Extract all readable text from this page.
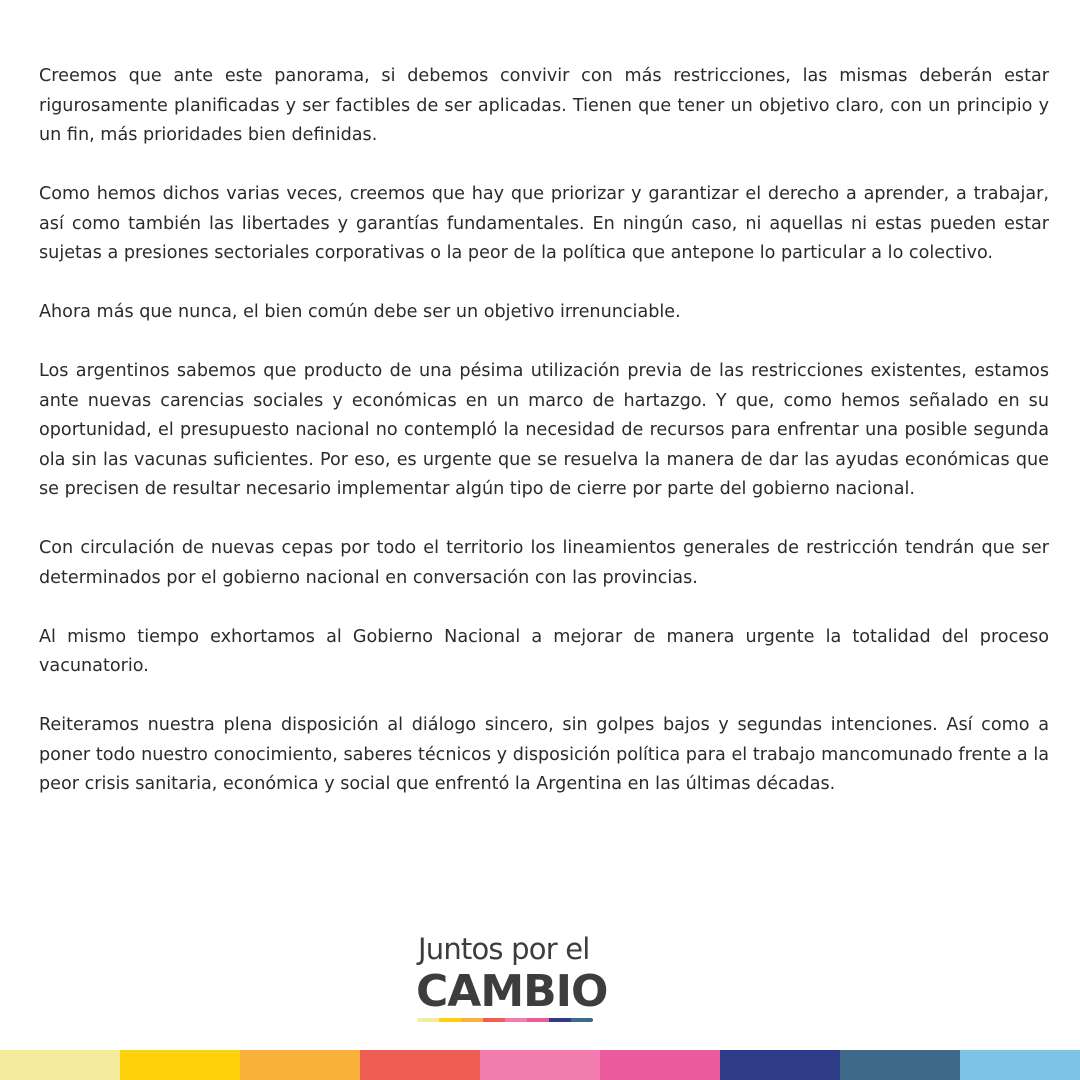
Creemos que ante este panorama, si debemos convivir con más restricciones, las mismas deberán estar rigurosamente planificadas y ser factibles de ser aplicadas. Tienen que tener un objetivo claro, con un principio y un fin, más prioridades bien definidas.

Como hemos dichos varias veces, creemos que hay que priorizar y garantizar el derecho a aprender, a trabajar, así como también las libertades y garantías fundamentales. En ningún caso, ni aquellas ni estas pueden estar sujetas a presiones sectoriales corporativas o la peor de la política que antepone lo particular a lo colectivo.

Ahora más que nunca, el bien común debe ser un objetivo irrenunciable.

Los argentinos sabemos que producto de una pésima utilización previa de las restricciones existentes, estamos ante nuevas carencias sociales y económicas en un marco de hartazgo. Y que, como hemos señalado en su oportunidad, el presupuesto nacional no contempló la necesidad de recursos para enfrentar una posible segunda ola sin las vacunas suficientes. Por eso, es urgente que se resuelva la manera de dar las ayudas económicas que se precisen de resultar necesario implementar algún tipo de cierre por parte del gobierno nacional.

Con circulación de nuevas cepas por todo el territorio los lineamientos generales de restricción tendrán que ser determinados por el gobierno nacional en conversación con las provincias.

Al mismo tiempo exhortamos al Gobierno Nacional a mejorar de manera urgente la totalidad del proceso vacunatorio.

Reiteramos nuestra plena disposición al diálogo sincero, sin golpes bajos y segundas intenciones. Así como a poner todo nuestro conocimiento, saberes técnicos y disposición política para el trabajo mancomunado frente a la peor crisis sanitaria, económica y social que enfrentó la Argentina en las últimas décadas.

Juntos por el
CAMBIO
